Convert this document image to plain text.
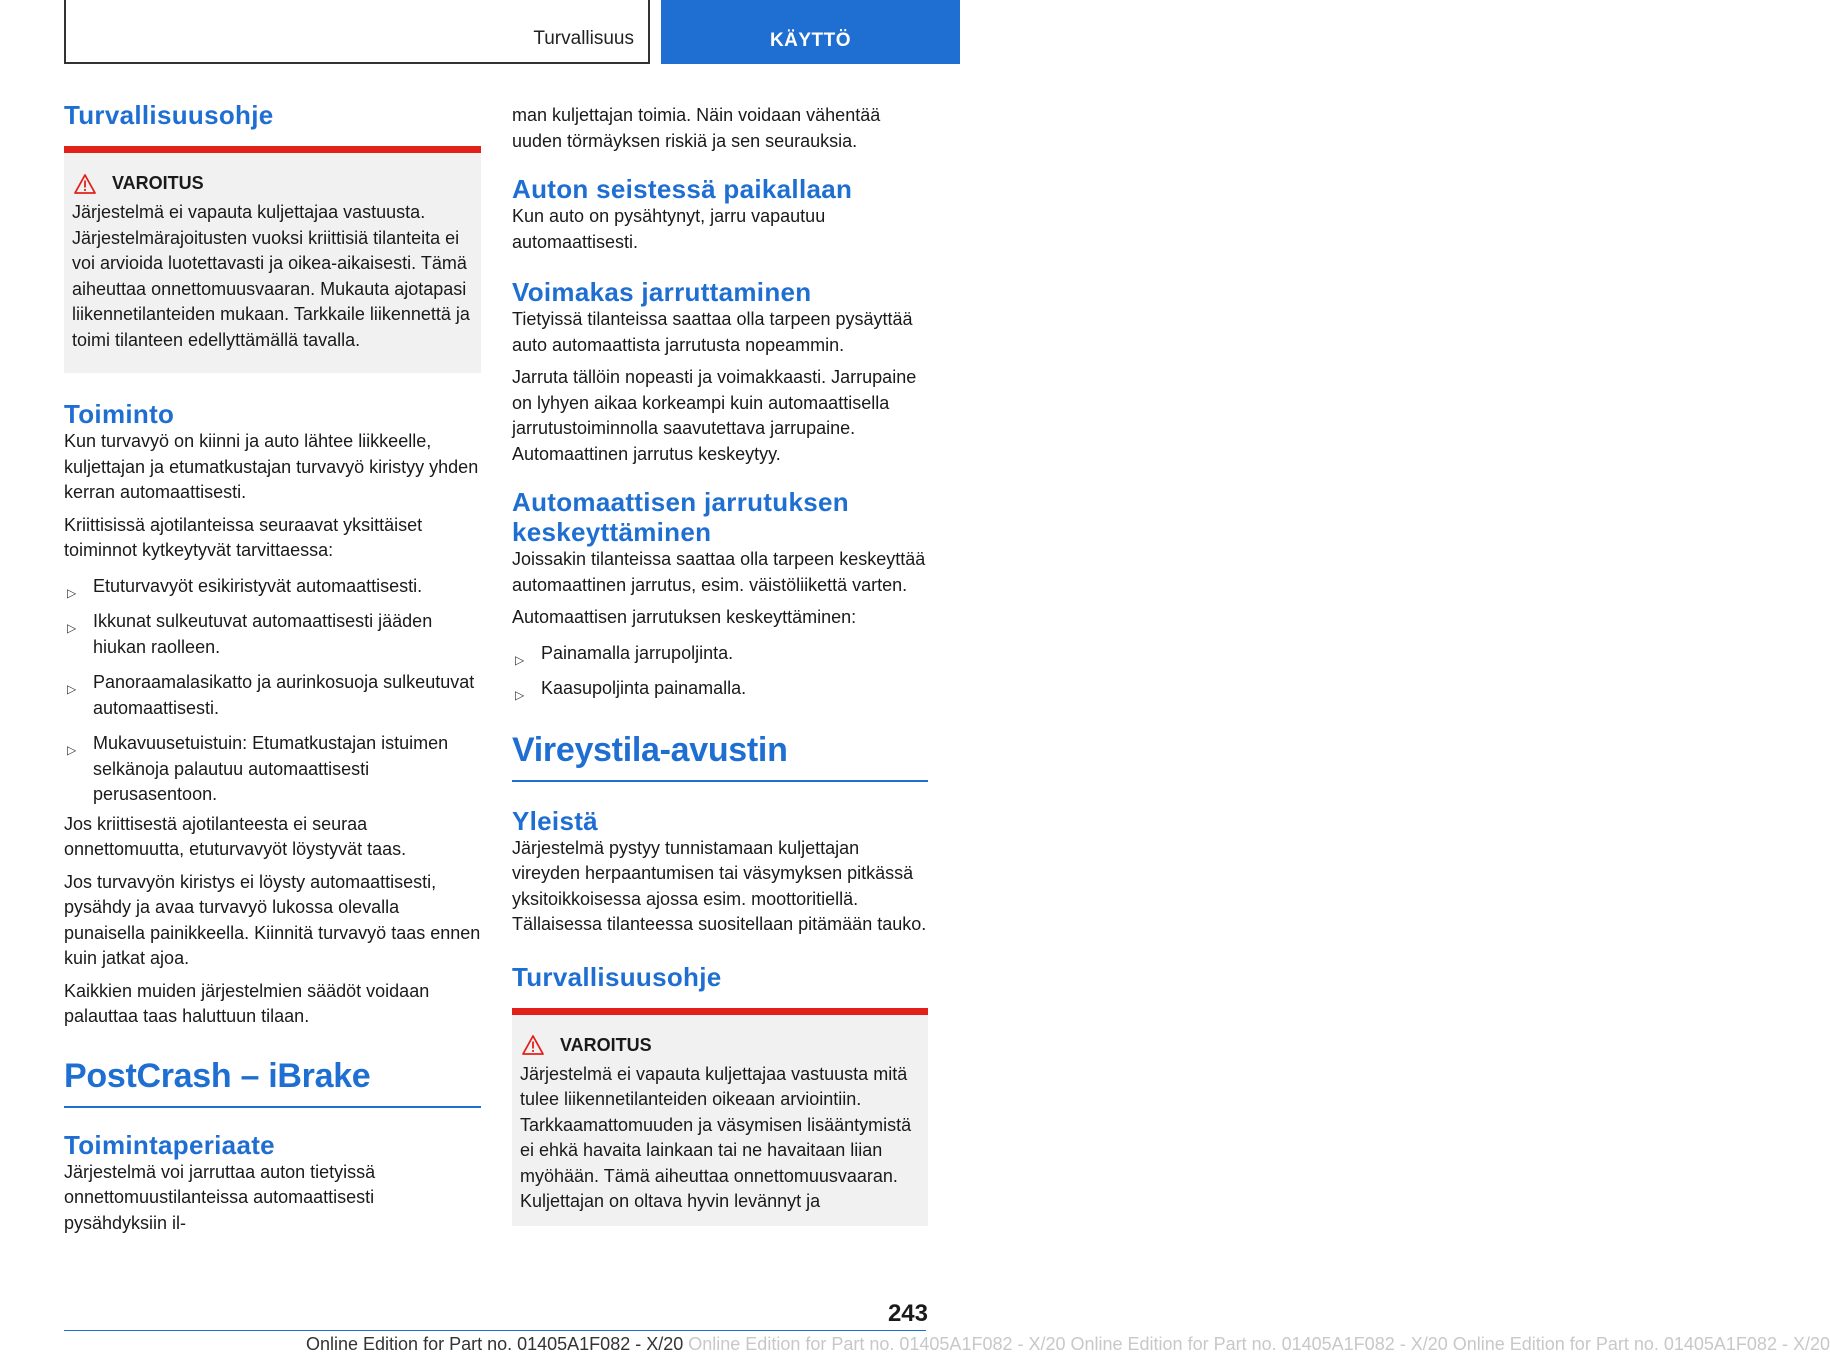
Turvallisuus	KÄYTTÖ
Turvallisuusohje
VAROITUS

Järjestelmä ei vapauta kuljettajaa vastuusta. Järjestelmärajoitusten vuoksi kriittisiä tilanteita ei voi arvioida luotettavasti ja oikea-aikaisesti. Tämä aiheuttaa onnettomuusvaaran. Mukauta ajotapasi liikennetilanteiden mukaan. Tarkkaile liikennettä ja toimi tilanteen edellyttämällä tavalla.

Toiminto

Kun turvavyö on kiinni ja auto lähtee liikkeelle, kuljettajan ja etumatkustajan turvavyö kiristyy yhden kerran automaattisesti.

Kriittisissä ajotilanteissa seuraavat yksittäiset toiminnot kytkeytyvät tarvittaessa:

▷ Etuturvavyöt esikiristyvät automaattisesti.
▷ Ikkunat sulkeutuvat automaattisesti jääden hiukan raolleen.
▷ Panoraamalasikatto ja aurinkosuoja sulkeutuvat automaattisesti.
▷ Mukavuusetuistuin: Etumatkustajan istuimen selkänoja palautuu automaattisesti perusasentoon.

Jos kriittisestä ajotilanteesta ei seuraa onnettomuutta, etuturvavyöt löystyvät taas.

Jos turvavyön kiristys ei löysty automaattisesti, pysähdy ja avaa turvavyö lukossa olevalla punaisella painikkeella. Kiinnitä turvavyö taas ennen kuin jatkat ajoa.

Kaikkien muiden järjestelmien säädöt voidaan palauttaa taas haluttuun tilaan.

PostCrash – iBrake
Toimintaperiaate

Järjestelmä voi jarruttaa auton tietyissä onnettomuustilanteissa automaattisesti pysähdyksiin il-

man kuljettajan toimia. Näin voidaan vähentää uuden törmäyksen riskiä ja sen seurauksia.

Auton seistessä paikallaan

Kun auto on pysähtynyt, jarru vapautuu automaattisesti.

Voimakas jarruttaminen

Tietyissä tilanteissa saattaa olla tarpeen pysäyttää auto automaattista jarrutusta nopeammin.

Jarruta tällöin nopeasti ja voimakkaasti. Jarrupaine on lyhyen aikaa korkeampi kuin automaattisella jarrutustoiminnolla saavutettava jarrupaine. Automaattinen jarrutus keskeytyy.

Automaattisen jarrutuksen keskeyttäminen

Joissakin tilanteissa saattaa olla tarpeen keskeyttää automaattinen jarrutus, esim. väistöliikettä varten.

Automaattisen jarrutuksen keskeyttäminen:

▷ Painamalla jarrupoljinta.
▷ Kaasupoljinta painamalla.
Vireystila-avustin
Yleistä

Järjestelmä pystyy tunnistamaan kuljettajan vireyden herpaantumisen tai väsymyksen pitkässä yksitoikkoisessa ajossa esim. moottoritiellä. Tällaisessa tilanteessa suositellaan pitämään tauko.

Turvallisuusohje
VAROITUS

Järjestelmä ei vapauta kuljettajaa vastuusta mitä tulee liikennetilanteiden oikeaan arviointiin. Tarkkaamattomuuden ja väsymisen lisääntymistä ei ehkä havaita lainkaan tai ne havaitaan liian myöhään. Tämä aiheuttaa onnettomuusvaaran. Kuljettajan on oltava hyvin levännyt ja

243
Online Edition for Part no. 01405A1F082 - X/20 Online Edition for Part no. 01405A1F082 - X/20 Online Edition for Part no. 01405A1F082 - X/20 Online Edition for Part no. 01405A1F082 - X/20
